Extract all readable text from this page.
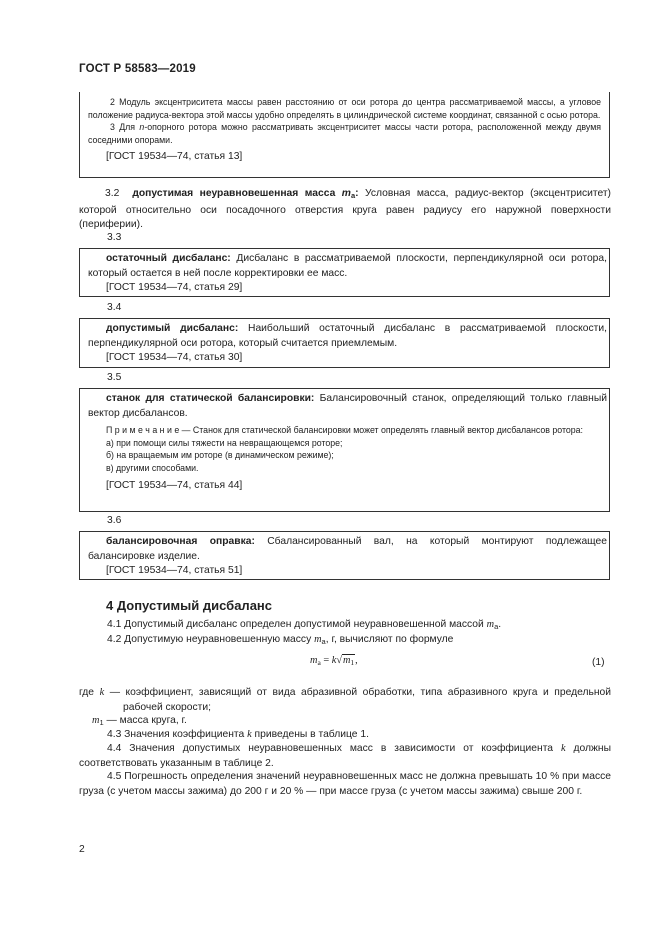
ГОСТ Р 58583—2019

2 Модуль эксцентриситета массы равен расстоянию от оси ротора до центра рассматриваемой массы, а угловое положение радиуса-вектора этой массы удобно определять в цилиндрической системе координат, связанной с осью ротора.

3 Для n-опорного ротора можно рассматривать эксцентриситет массы части ротора, расположенной между двумя соседними опорами.

[ГОСТ 19534—74, статья 13]

3.2 допустимая неуравновешенная масса $m_a$: Условная масса, радиус-вектор (эксцентриситет) которой относительно оси посадочного отверстия круга равен радиусу его наружной поверхности (периферии).

3.3

остаточный дисбаланс: Дисбаланс в рассматриваемой плоскости, перпендикулярной оси ротора, который остается в ней после корректировки ее масс.

[ГОСТ 19534—74, статья 29]
3.4

допустимый дисбаланс: Наибольший остаточный дисбаланс в рассматриваемой плоскости, перпендикулярной оси ротора, который считается приемлемым.

[ГОСТ 19534—74, статья 30]
3.5

станок для статической балансировки: Балансировочный станок, определяющий только главный вектор дисбалансов.

П р и м е ч а н и е — Станок для статической балансировки может определять главный вектор дисбалансов ротора:

а) при помощи силы тяжести на невращающемся роторе;
б) на вращаемым им роторе (в динамическом режиме);
в) другими способами.
[ГОСТ 19534—74, статья 44]
3.6

балансировочная оправка: Сбалансированный вал, на который монтируют подлежащее балансировке изделие.

[ГОСТ 19534—74, статья 51]
4 Допустимый дисбаланс

4.1 Допустимый дисбаланс определен допустимой неуравновешенной массой $m_a$.

4.2 Допустимую неуравновешенную массу $m_a$, г, вычисляют по формуле

$m_a = k√m_1$,	(1)

где k — коэффициент, зависящий от вида абразивной обработки, типа абразивного круга и предельной рабочей скорости;

$m_1$ — масса круга, г.

4.3 Значения коэффициента k приведены в таблице 1.

4.4 Значения допустимых неуравновешенных масс в зависимости от коэффициента k должны соответствовать указанным в таблице 2.

4.5 Погрешность определения значений неуравновешенных масс не должна превышать 10 % при массе груза (с учетом массы зажима) до 200 г и 20 % — при массе груза (с учетом массы зажима) свыше 200 г.

2
